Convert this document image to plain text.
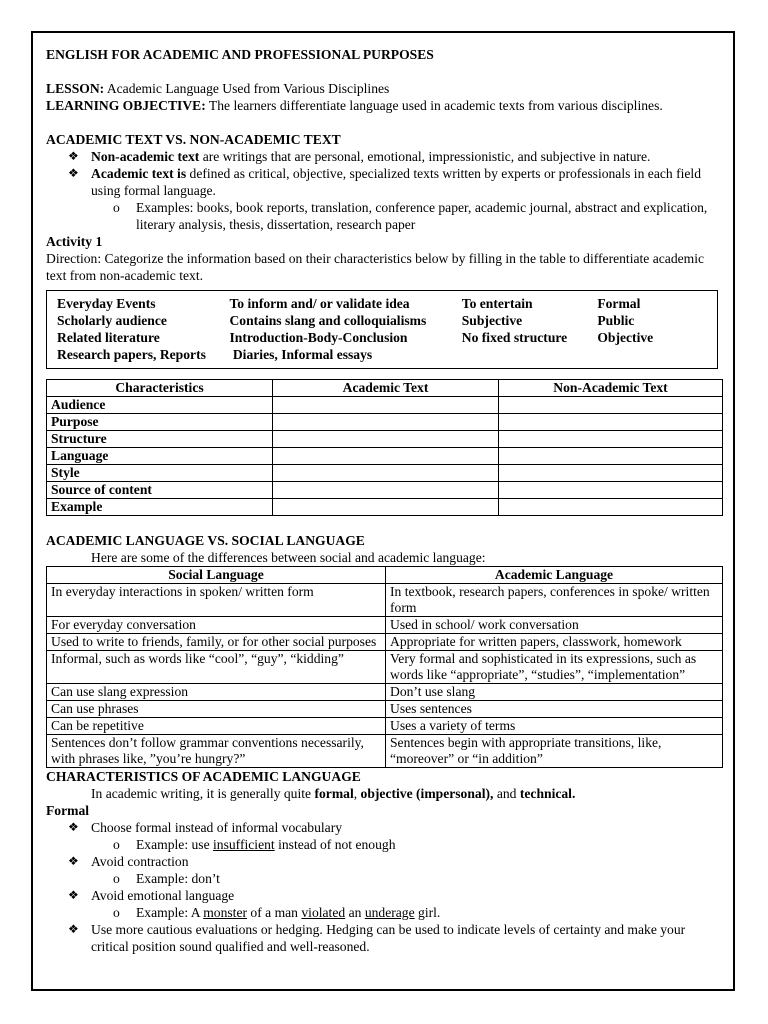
ENGLISH FOR ACADEMIC AND PROFESSIONAL PURPOSES
LESSON: Academic Language Used from Various Disciplines
LEARNING OBJECTIVE: The learners differentiate language used in academic texts from various disciplines.
ACADEMIC TEXT VS. NON-ACADEMIC TEXT
❖ Non-academic text are writings that are personal, emotional, impressionistic, and subjective in nature.
❖ Academic text is defined as critical, objective, specialized texts written by experts or professionals in each field using formal language.
o Examples: books, book reports, translation, conference paper, academic journal, abstract and explication, literary analysis, thesis, dissertation, research paper
Activity 1
Direction: Categorize the information based on their characteristics below by filling in the table to differentiate academic text from non-academic text.
Everyday Events	To inform and/ or validate idea	To entertain	Formal
Scholarly audience	Contains slang and colloquialisms	Subjective	Public
Related literature	Introduction-Body-Conclusion	No fixed structure	Objective
Research papers, Reports	Diaries, Informal essays
Characteristics	Academic Text	Non-Academic Text
Audience		
Purpose		
Structure		
Language		
Style		
Source of content		
Example		
ACADEMIC LANGUAGE VS. SOCIAL LANGUAGE
Here are some of the differences between social and academic language:
Social Language	Academic Language
In everyday interactions in spoken/ written form	In textbook, research papers, conferences in spoke/ written form
For everyday conversation	Used in school/ work conversation
Used to write to friends, family, or for other social purposes	Appropriate for written papers, classwork, homework
Informal, such as words like “cool”, “guy”, “kidding”	Very formal and sophisticated in its expressions, such as words like “appropriate”, “studies”, “implementation”
Can use slang expression	Don’t use slang
Can use phrases	Uses sentences
Can be repetitive	Uses a variety of terms
Sentences don’t follow grammar conventions necessarily, with phrases like, ”you’re hungry?”	Sentences begin with appropriate transitions, like, “moreover” or “in addition”
CHARACTERISTICS OF ACADEMIC LANGUAGE
In academic writing, it is generally quite formal, objective (impersonal), and technical.
Formal
❖ Choose formal instead of informal vocabulary
o Example: use insufficient instead of not enough
❖ Avoid contraction
o Example: don’t
❖ Avoid emotional language
o Example: A monster of a man violated an underage girl.
❖ Use more cautious evaluations or hedging. Hedging can be used to indicate levels of certainty and make your critical position sound qualified and well-reasoned.
